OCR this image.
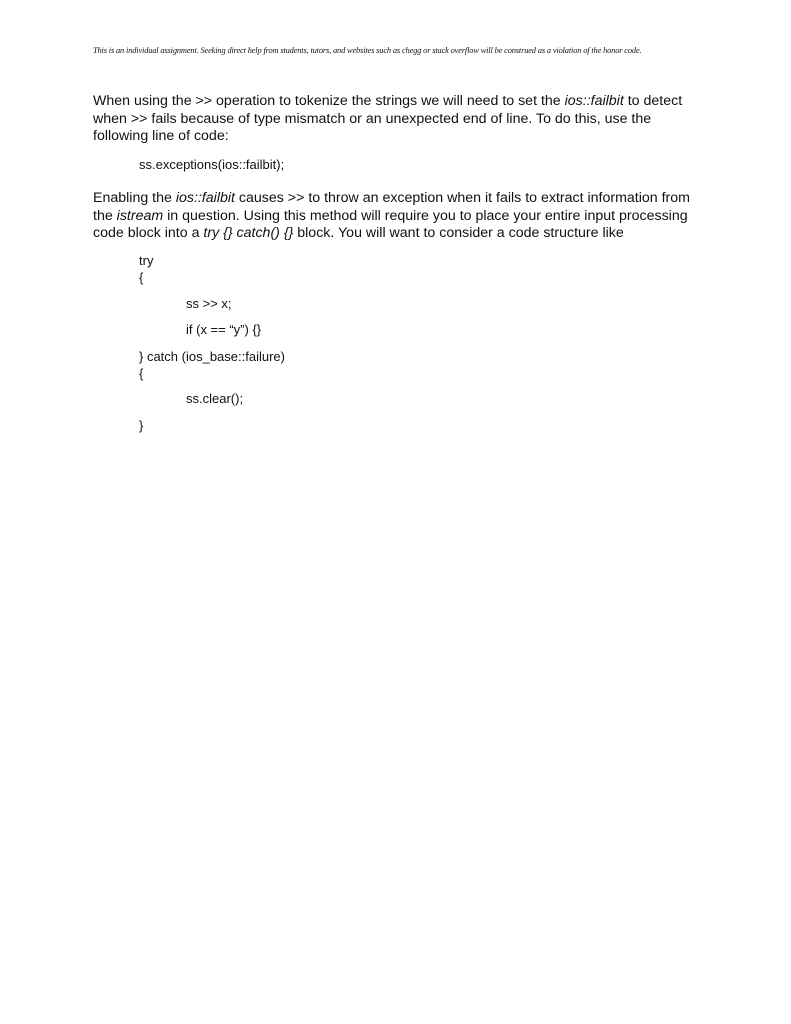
This is an individual assignment. Seeking direct help from students, tutors, and websites such as chegg or stack overflow will be construed as a violation of the honor code.
When using the >> operation to tokenize the strings we will need to set the ios::failbit to detect
when >> fails because of type mismatch or an unexpected end of line. To do this, use the
following line of code:
ss.exceptions(ios::failbit);
Enabling the ios::failbit causes >> to throw an exception when it fails to extract information from
the istream in question. Using this method will require you to place your entire input processing
code block into a try {} catch() {} block. You will want to consider a code structure like
try
{
ss >> x;
if (x == “y”) {}
} catch (ios_base::failure)
{
ss.clear();
}
